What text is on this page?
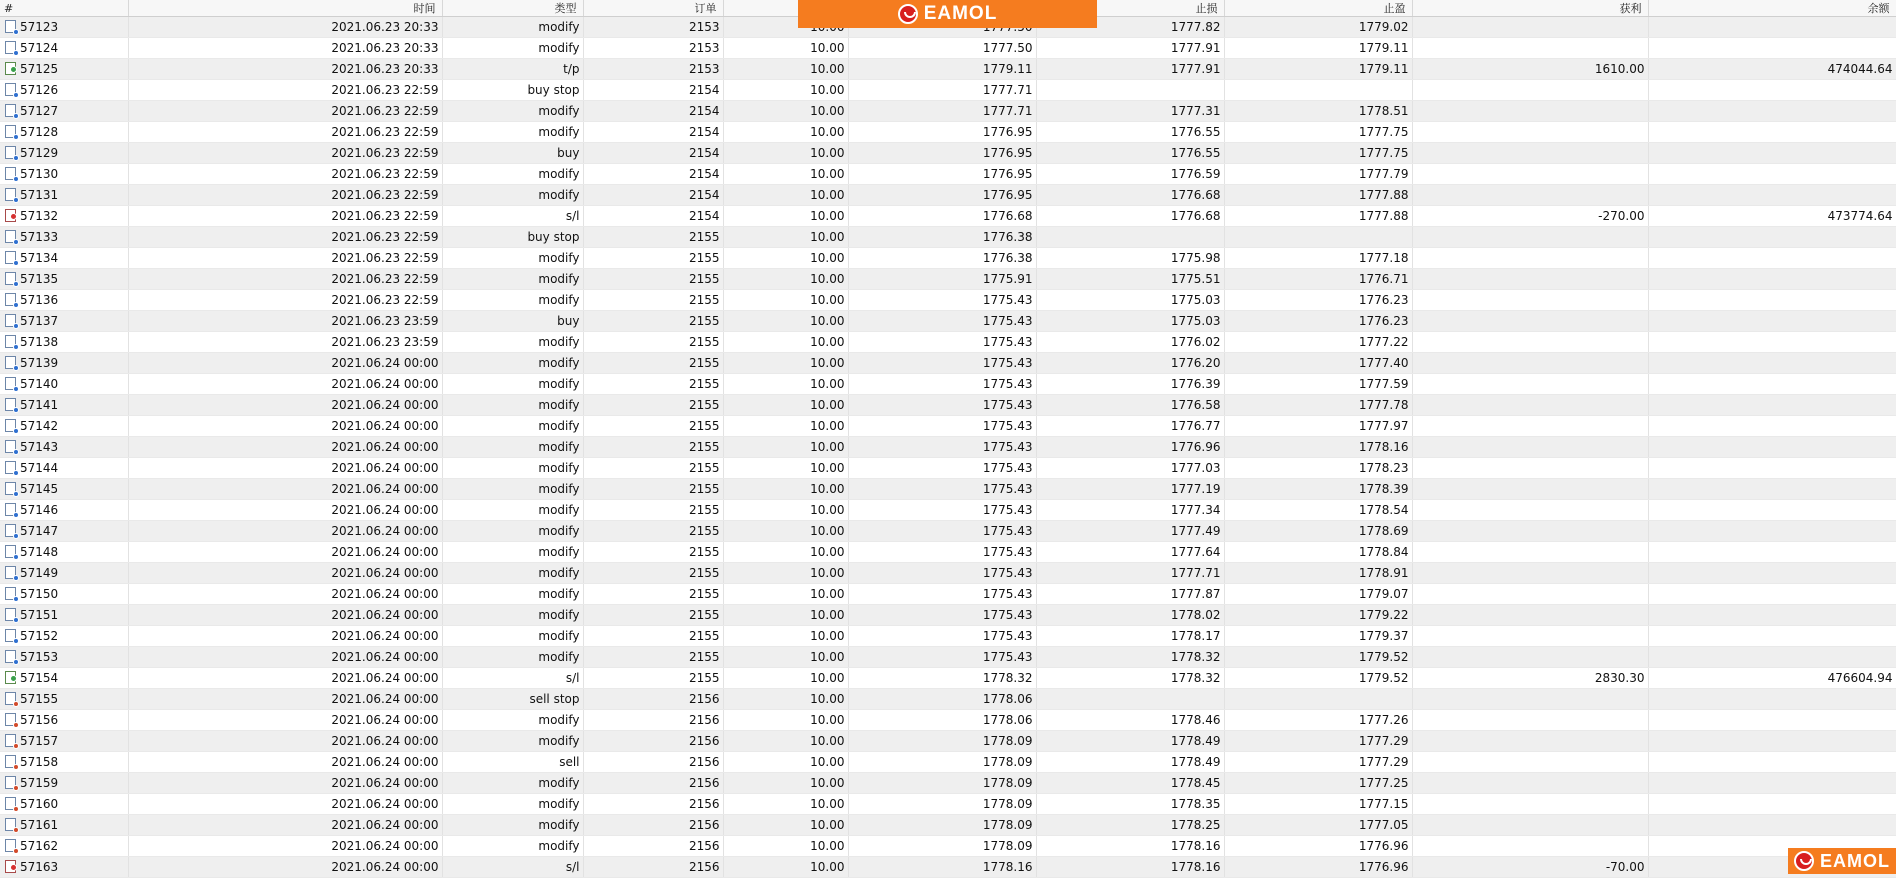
#	时间	类型	订单			止损	止盈	获利	余额
57123	2021.06.23 20:33	modify	2153			1777.82	1779.02		
57124	2021.06.23 20:33	modify	2153	10.00	1777.50	1777.91	1779.11		
57125	2021.06.23 20:33	t/p	2153	10.00	1779.11	1777.91	1779.11	1610.00	474044.64
57126	2021.06.23 22:59	buy stop	2154	10.00	1777.71				
57127	2021.06.23 22:59	modify	2154	10.00	1777.71	1777.31	1778.51		
57128	2021.06.23 22:59	modify	2154	10.00	1776.95	1776.55	1777.75		
57129	2021.06.23 22:59	buy	2154	10.00	1776.95	1776.55	1777.75		
57130	2021.06.23 22:59	modify	2154	10.00	1776.95	1776.59	1777.79		
57131	2021.06.23 22:59	modify	2154	10.00	1776.95	1776.68	1777.88		
57132	2021.06.23 22:59	s/l	2154	10.00	1776.68	1776.68	1777.88	-270.00	473774.64
57133	2021.06.23 22:59	buy stop	2155	10.00	1776.38				
57134	2021.06.23 22:59	modify	2155	10.00	1776.38	1775.98	1777.18		
57135	2021.06.23 22:59	modify	2155	10.00	1775.91	1775.51	1776.71		
57136	2021.06.23 22:59	modify	2155	10.00	1775.43	1775.03	1776.23		
57137	2021.06.23 23:59	buy	2155	10.00	1775.43	1775.03	1776.23		
57138	2021.06.23 23:59	modify	2155	10.00	1775.43	1776.02	1777.22		
57139	2021.06.24 00:00	modify	2155	10.00	1775.43	1776.20	1777.40		
57140	2021.06.24 00:00	modify	2155	10.00	1775.43	1776.39	1777.59		
57141	2021.06.24 00:00	modify	2155	10.00	1775.43	1776.58	1777.78		
57142	2021.06.24 00:00	modify	2155	10.00	1775.43	1776.77	1777.97		
57143	2021.06.24 00:00	modify	2155	10.00	1775.43	1776.96	1778.16		
57144	2021.06.24 00:00	modify	2155	10.00	1775.43	1777.03	1778.23		
57145	2021.06.24 00:00	modify	2155	10.00	1775.43	1777.19	1778.39		
57146	2021.06.24 00:00	modify	2155	10.00	1775.43	1777.34	1778.54		
57147	2021.06.24 00:00	modify	2155	10.00	1775.43	1777.49	1778.69		
57148	2021.06.24 00:00	modify	2155	10.00	1775.43	1777.64	1778.84		
57149	2021.06.24 00:00	modify	2155	10.00	1775.43	1777.71	1778.91		
57150	2021.06.24 00:00	modify	2155	10.00	1775.43	1777.87	1779.07		
57151	2021.06.24 00:00	modify	2155	10.00	1775.43	1778.02	1779.22		
57152	2021.06.24 00:00	modify	2155	10.00	1775.43	1778.17	1779.37		
57153	2021.06.24 00:00	modify	2155	10.00	1775.43	1778.32	1779.52		
57154	2021.06.24 00:00	s/l	2155	10.00	1778.32	1778.32	1779.52	2830.30	476604.94
57155	2021.06.24 00:00	sell stop	2156	10.00	1778.06				
57156	2021.06.24 00:00	modify	2156	10.00	1778.06	1778.46	1777.26		
57157	2021.06.24 00:00	modify	2156	10.00	1778.09	1778.49	1777.29		
57158	2021.06.24 00:00	sell	2156	10.00	1778.09	1778.49	1777.29		
57159	2021.06.24 00:00	modify	2156	10.00	1778.09	1778.45	1777.25		
57160	2021.06.24 00:00	modify	2156	10.00	1778.09	1778.35	1777.15		
57161	2021.06.24 00:00	modify	2156	10.00	1778.09	1778.25	1777.05		
57162	2021.06.24 00:00	modify	2156	10.00	1778.09	1778.16	1776.96		
57163	2021.06.24 00:00	s/l	2156	10.00	1778.16	1778.16	1776.96	-70.00	
EAMOL
EAMOL
